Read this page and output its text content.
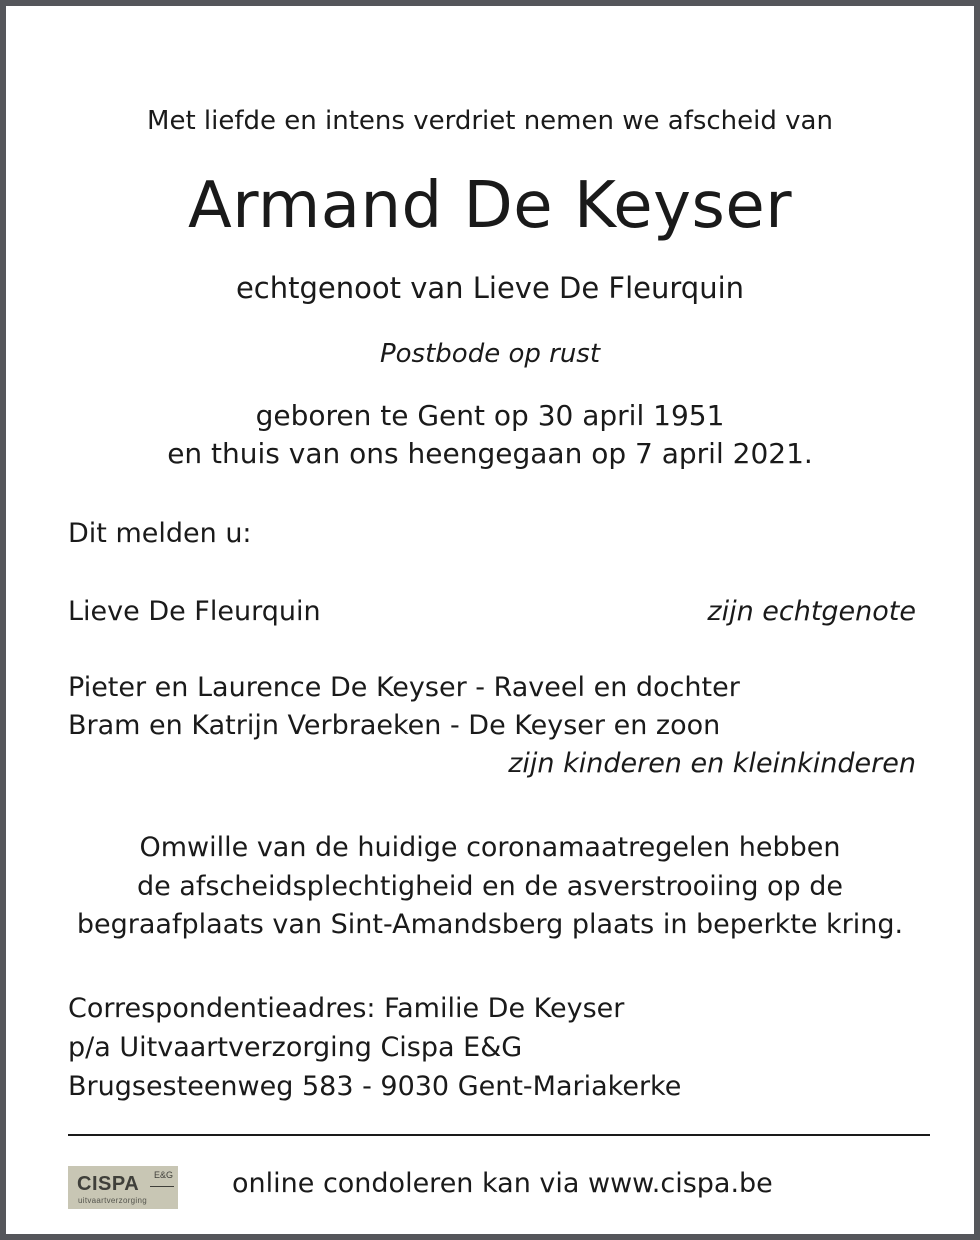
Met liefde en intens verdriet nemen we afscheid van
Armand De Keyser
echtgenoot van Lieve De Fleurquin
Postbode op rust
geboren te Gent op 30 april 1951
en thuis van ons heengegaan op 7 april 2021.
Dit melden u:
Lieve De Fleurquin	zijn echtgenote
Pieter en Laurence De Keyser - Raveel en dochter
Bram en Katrijn Verbraeken - De Keyser en zoon
zijn kinderen en kleinkinderen
Omwille van de huidige coronamaatregelen hebben
de afscheidsplechtigheid en de asverstrooiing op de
begraafplaats van Sint-Amandsberg plaats in beperkte kring.
Correspondentieadres: Familie De Keyser
p/a Uitvaartverzorging Cispa E&G
Brugsesteenweg 583 - 9030 Gent-Mariakerke
CISPA E&G
uitvaartverzorging
online condoleren kan via www.cispa.be
